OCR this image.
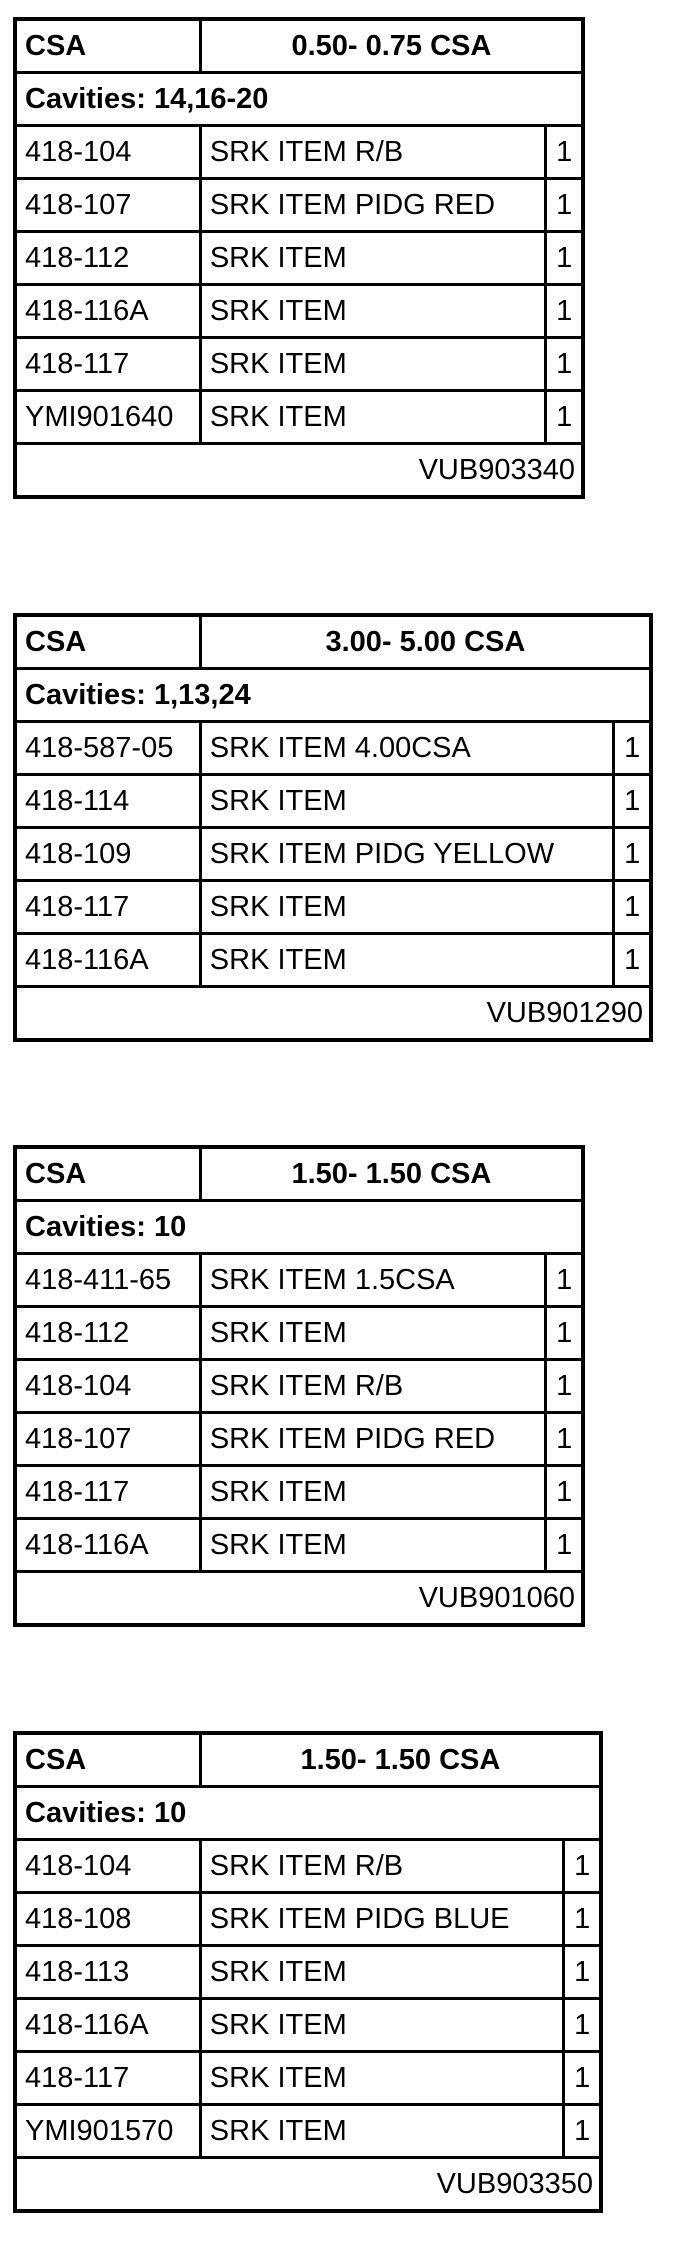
CSA	0.50- 0.75 CSA	
Cavities: 14,16-20		
418-104	SRK ITEM R/B	1
418-107	SRK ITEM PIDG RED	1
418-112	SRK ITEM	1
418-116A	SRK ITEM	1
418-117	SRK ITEM	1
YMI901640	SRK ITEM	1
VUB903340		
CSA	3.00- 5.00 CSA	
Cavities: 1,13,24		
418-587-05	SRK ITEM 4.00CSA	1
418-114	SRK ITEM	1
418-109	SRK ITEM PIDG YELLOW	1
418-117	SRK ITEM	1
418-116A	SRK ITEM	1
VUB901290		
CSA	1.50- 1.50 CSA	
Cavities: 10		
418-411-65	SRK ITEM 1.5CSA	1
418-112	SRK ITEM	1
418-104	SRK ITEM R/B	1
418-107	SRK ITEM PIDG RED	1
418-117	SRK ITEM	1
418-116A	SRK ITEM	1
VUB901060		
CSA	1.50- 1.50 CSA	
Cavities: 10		
418-104	SRK ITEM R/B	1
418-108	SRK ITEM PIDG BLUE	1
418-113	SRK ITEM	1
418-116A	SRK ITEM	1
418-117	SRK ITEM	1
YMI901570	SRK ITEM	1
VUB903350		
